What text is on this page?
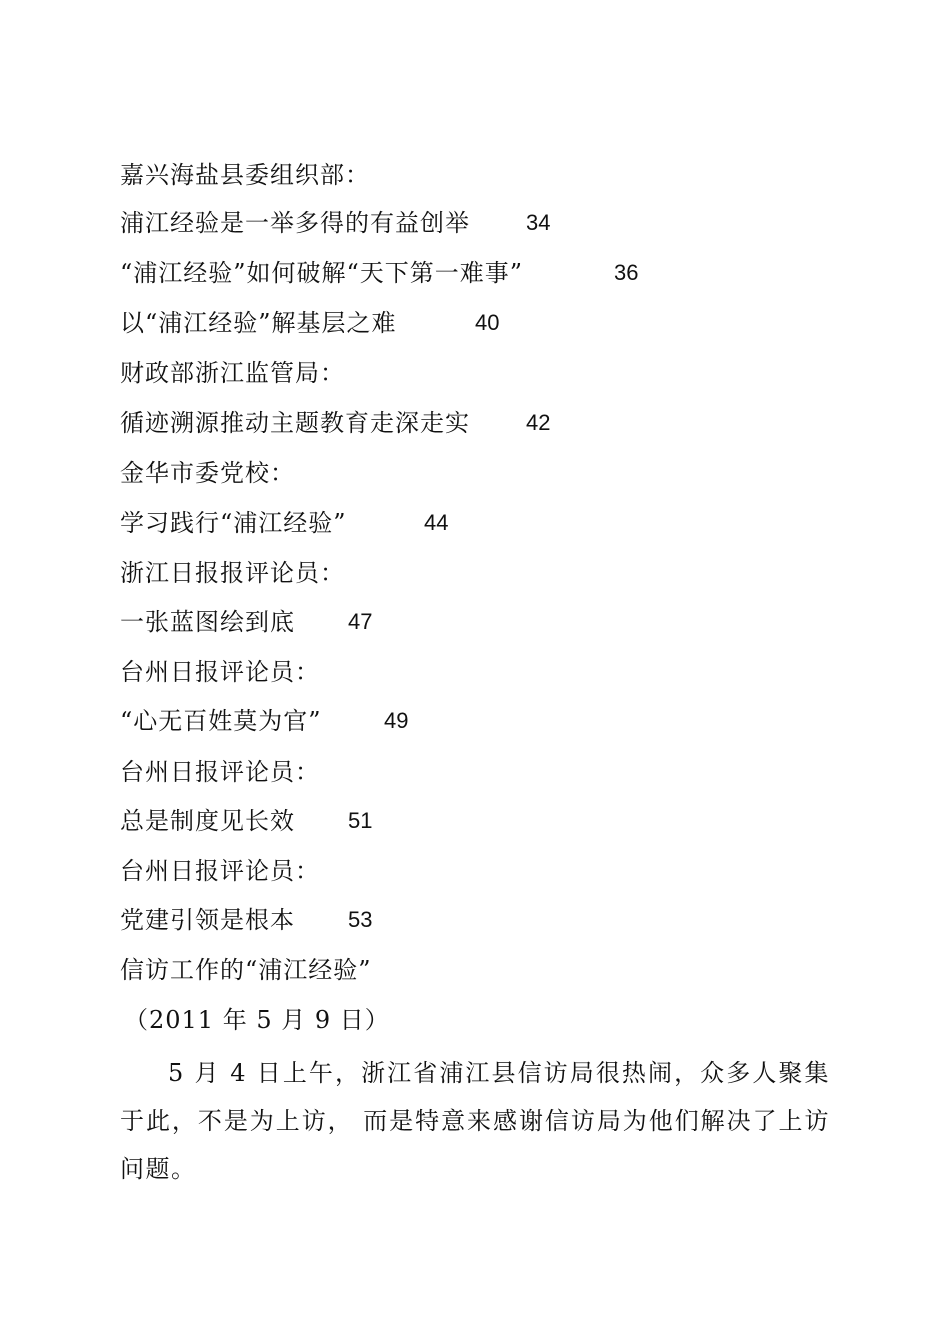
嘉兴海盐县委组织部：
浦江经验是一举多得的有益创举	34
“浦江经验”如何破解“天下第一难事”	36
以“浦江经验”解基层之难	40
财政部浙江监管局：
循迹溯源推动主题教育走深走实	42
金华市委党校：
学习践行“浦江经验”	44
浙江日报报评论员：
一张蓝图绘到底 47
台州日报评论员：
“心无百姓莫为官”	49
台州日报评论员：
总是制度见长效 51
台州日报评论员：
党建引领是根本 53
信访工作的“浦江经验”
（2011 年 5 月 9 日）
5 月 4 日上午，浙江省浦江县信访局很热闹，众多人聚集于此，不是为上访， 而是特意来感谢信访局为他们解决了上访问题。
